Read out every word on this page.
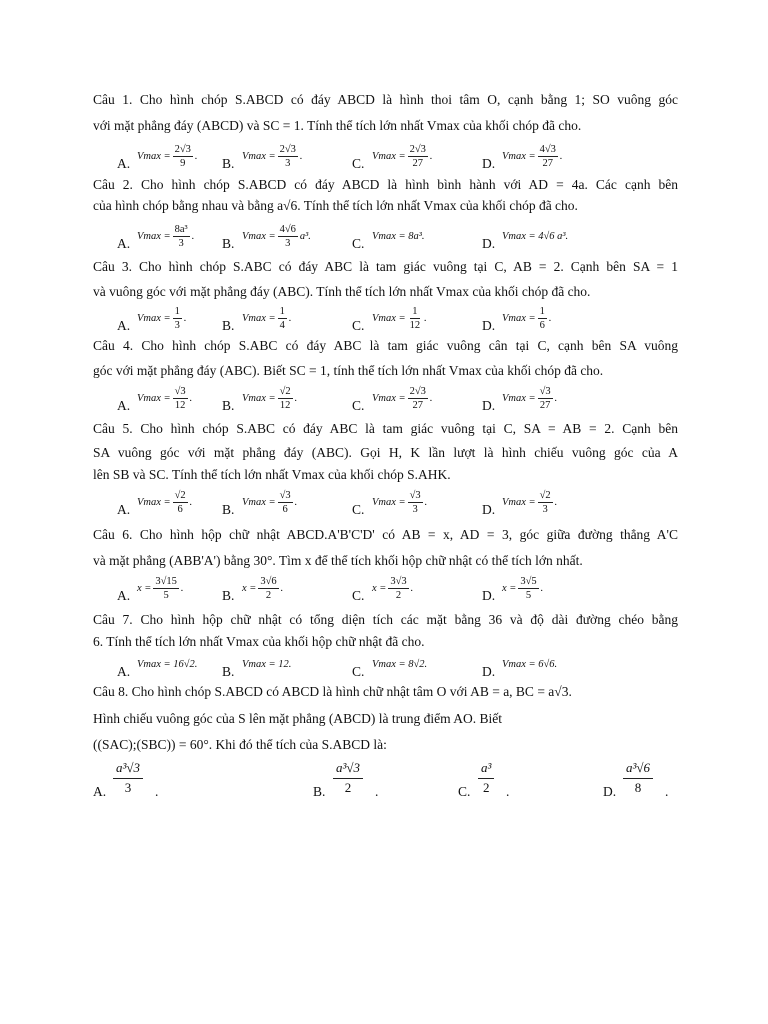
Câu 1. Cho hình chóp S.ABCD có đáy ABCD là hình thoi tâm O, cạnh bằng 1; SO vuông góc
với mặt phẳng đáy (ABCD) và SC = 1. Tính thể tích lớn nhất Vmax của khối chóp đã cho.
A. $Vmax = \frac{2√3}{9}$ . B. $Vmax = \frac{2√3}{3}$ .	C. $Vmax = \frac{2√3}{27}$ .	D. $Vmax = \frac{4√3}{27}$ .
Câu 2. Cho hình chóp S.ABCD có đáy ABCD là hình bình hành với AD = 4a. Các cạnh bên
của hình chóp bằng nhau và bằng a√6. Tính thể tích lớn nhất Vmax của khối chóp đã cho.
A. $Vmax = \frac{\text{8a³}}{3}$ . B. $Vmax = \frac{4√6}{3} a^3$.	C. Vmax = 8a³.	D. Vmax = 4√6 a³.
Câu 3. Cho hình chóp S.ABC có đáy ABC là tam giác vuông tại C, AB = 2. Cạnh bên SA = 1
và vuông góc với mặt phẳng đáy (ABC). Tính thể tích lớn nhất Vmax của khối chóp đã cho.
A. $Vmax = \frac{1}{3}$ .	B. $Vmax = \frac{1}{4}$ .	C. $Vmax = \frac{1}{12}$ .	D. $Vmax = \frac{1}{6}$ .
Câu 4. Cho hình chóp S.ABC có đáy ABC là tam giác vuông cân tại C, cạnh bên SA vuông
góc với mặt phẳng đáy (ABC). Biết SC = 1, tính thể tích lớn nhất Vmax của khối chóp đã cho.
A. $Vmax = \frac{√3}{12}$ . B. $Vmax = \frac{√2}{12}$ .	C. $Vmax = \frac{2√3}{27}$ .	D. $Vmax = \frac{√3}{27}$ .
Câu 5. Cho hình chóp S.ABC có đáy ABC là tam giác vuông tại C, SA = AB = 2. Cạnh bên
SA vuông góc với mặt phẳng đáy (ABC). Gọi H, K lần lượt là hình chiếu vuông góc của A
lên SB và SC. Tính thể tích lớn nhất Vmax của khối chóp S.AHK.
A. $Vmax = \frac{√2}{6}$ . B. $Vmax = \frac{√3}{6}$ .	C. $Vmax = \frac{√3}{3}$ .	D. $Vmax = \frac{√2}{3}$ .
Câu 6. Cho hình hộp chữ nhật ABCD.A'B'C'D' có AB = x, AD = 3, góc giữa đường thẳng A'C
và mặt phẳng (ABB'A') bằng 30°. Tìm x để thể tích khối hộp chữ nhật có thể tích lớn nhất.
A. $x = \frac{3√15}{5}$ .	B. $x = \frac{3√6}{2}$ .	C. $x = \frac{3√3}{2}$ .	D. $x = \frac{3√5}{5}$ .
Câu 7. Cho hình hộp chữ nhật có tổng diện tích các mặt bằng 36 và độ dài đường chéo bằng
6. Tính thể tích lớn nhất Vmax của khối hộp chữ nhật đã cho.
A. Vmax = 16√2. B. Vmax = 12.	C. Vmax = 8√2.	D. Vmax = 6√6.
Câu 8. Cho hình chóp S.ABCD có ABCD là hình chữ nhật tâm O với AB = a, BC = a√3.
Hình chiếu vuông góc của S lên mặt phẳng (ABCD) là trung điểm AO. Biết
((SAC);(SBC)) = 60°. Khi đó thể tích của S.ABCD là:
A. $\frac{\text{a³√3}}{3}$ .	B. $\frac{\text{a³√3}}{2}$ .	C. $\frac{\text{a³}}{2}$ .	D. $\frac{\text{a³√6}}{8}$ .
